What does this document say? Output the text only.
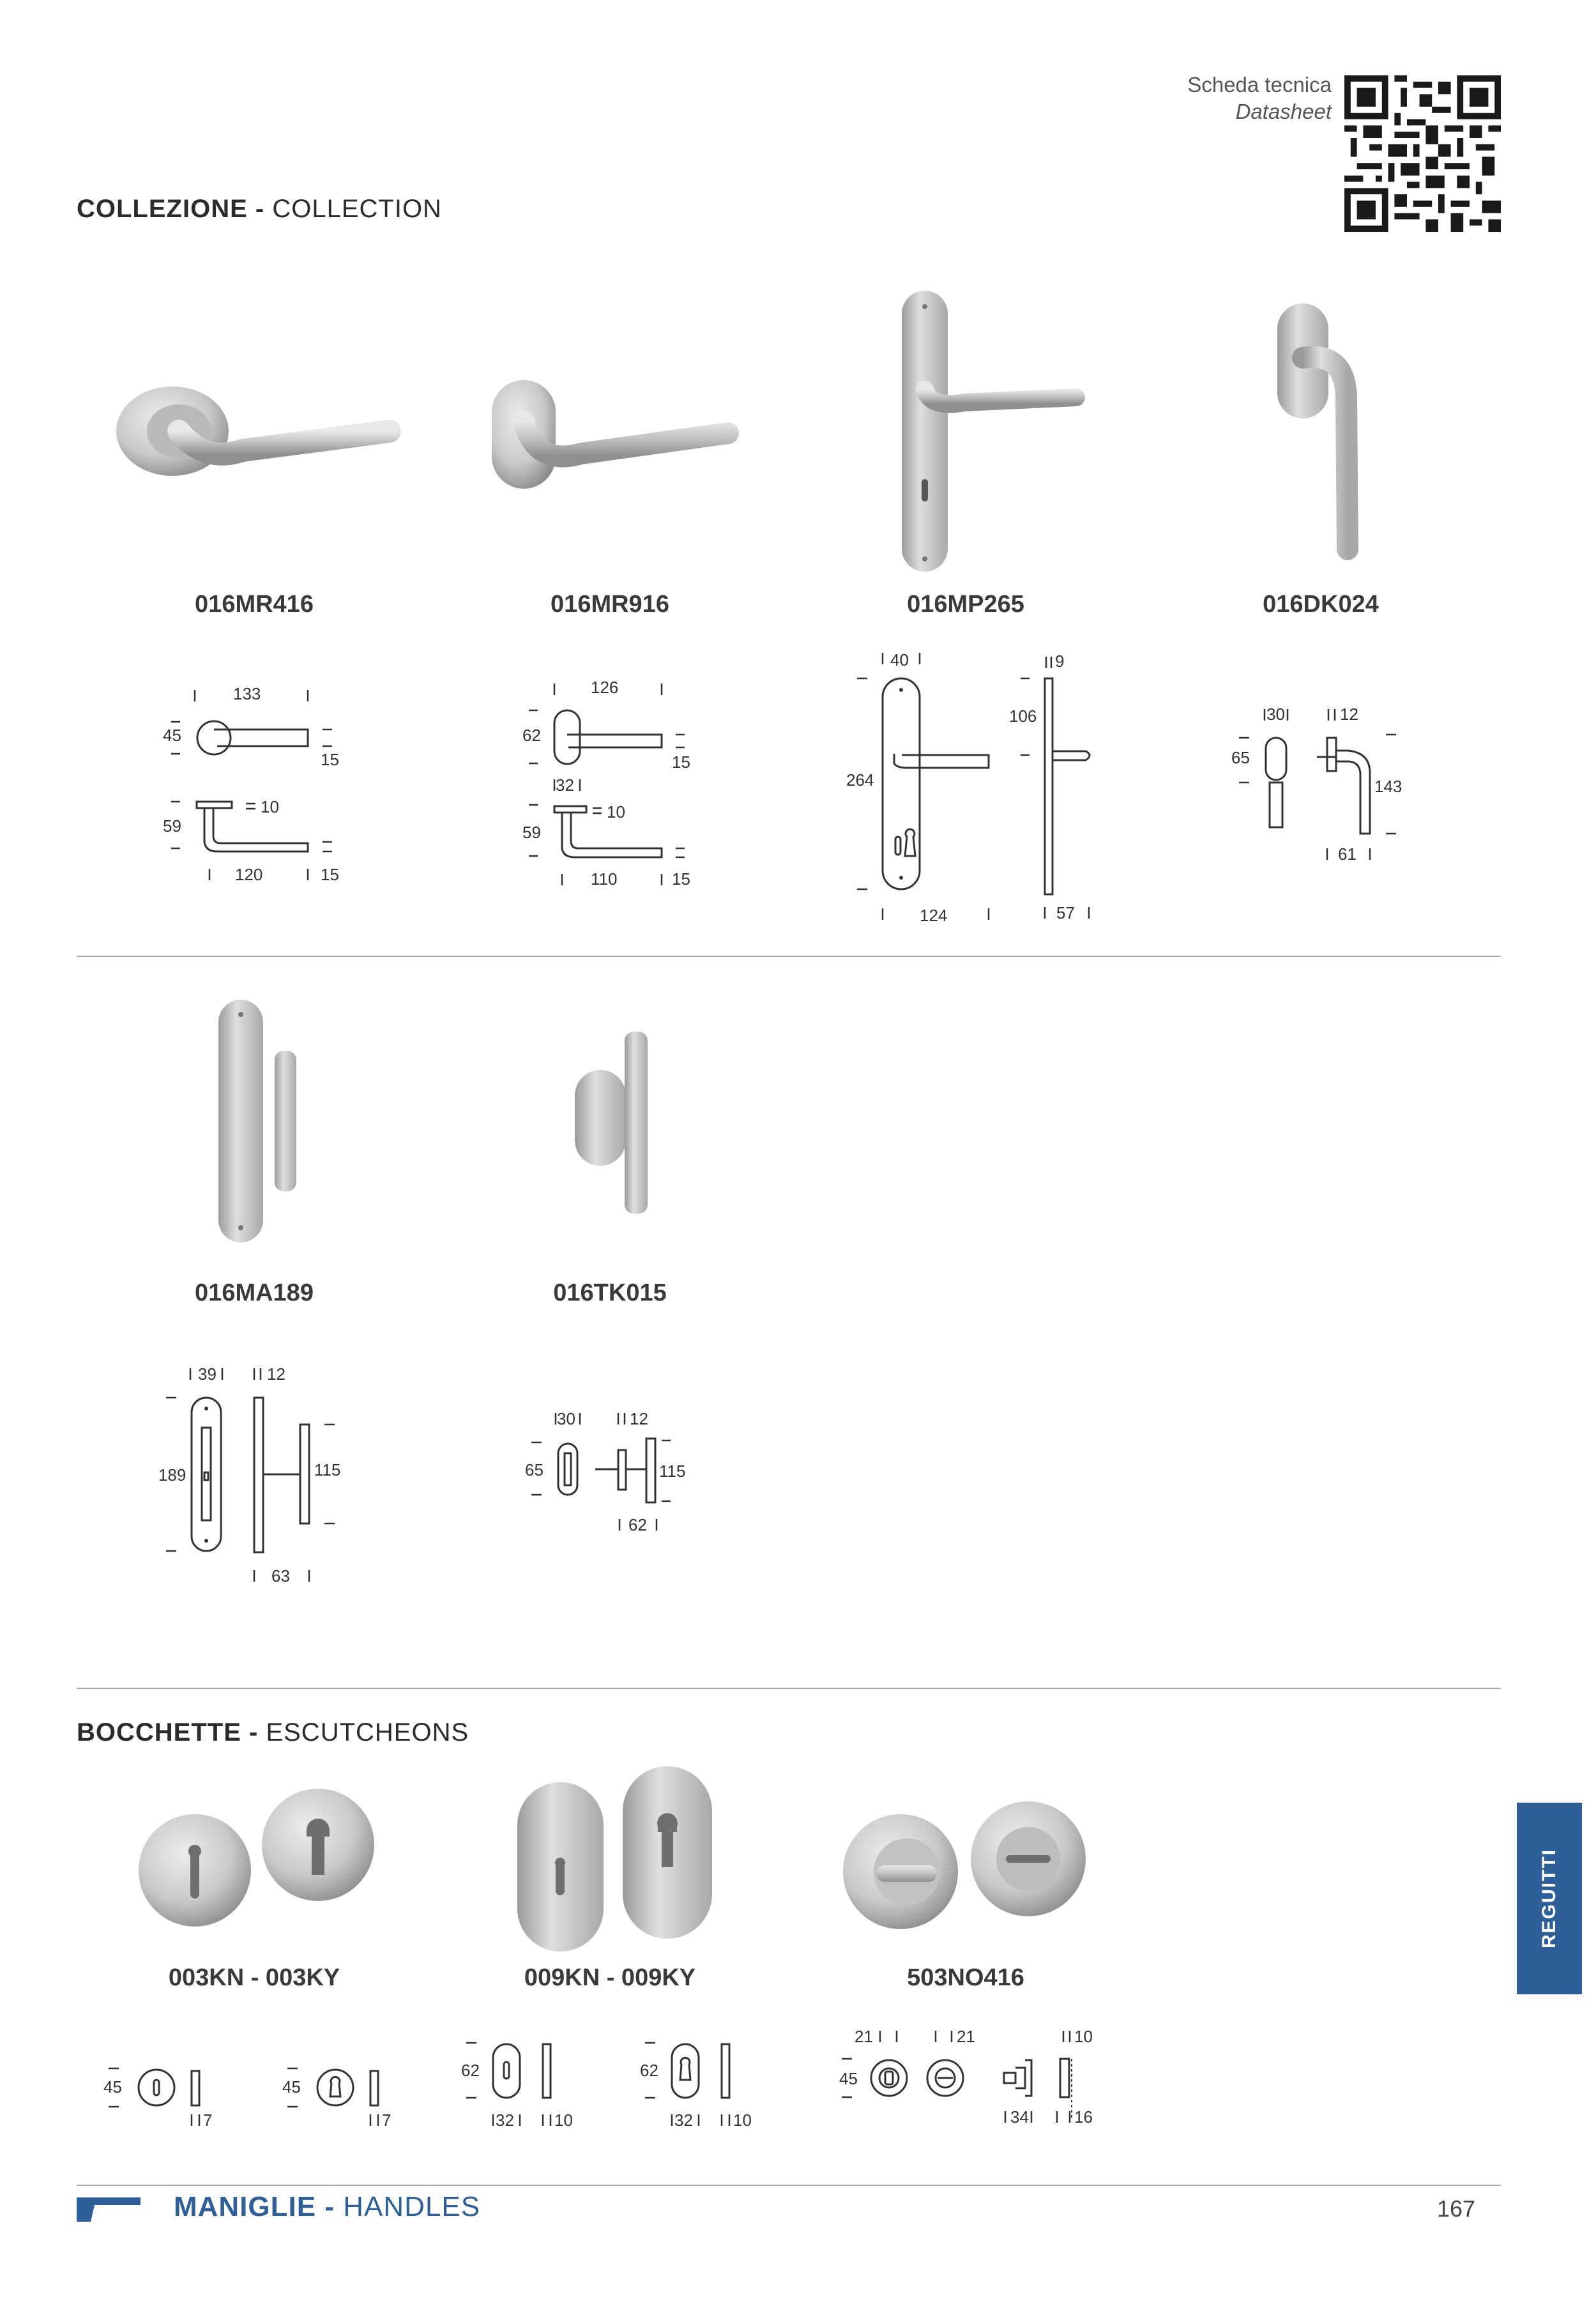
Scheda tecnica
Datasheet
COLLEZIONE - COLLECTION
016MR416	016MR916	016MP265	016DK024
133
45
15
59
10
120	15
126
62
15
32
59
10
110	15
40
264
124
9
106
57
30
65
12
143
61
016MA189	016TK015
39
189
12
115
63
30
65
12
115
62
BOCCHETTE - ESCUTCHEONS
003KN - 003KY	009KN - 009KY	503NO416
45
7
45
7
62
32 10
62
32 10
21	21	10
45
34	16
REGUITTI
MANIGLIE - HANDLES	167
